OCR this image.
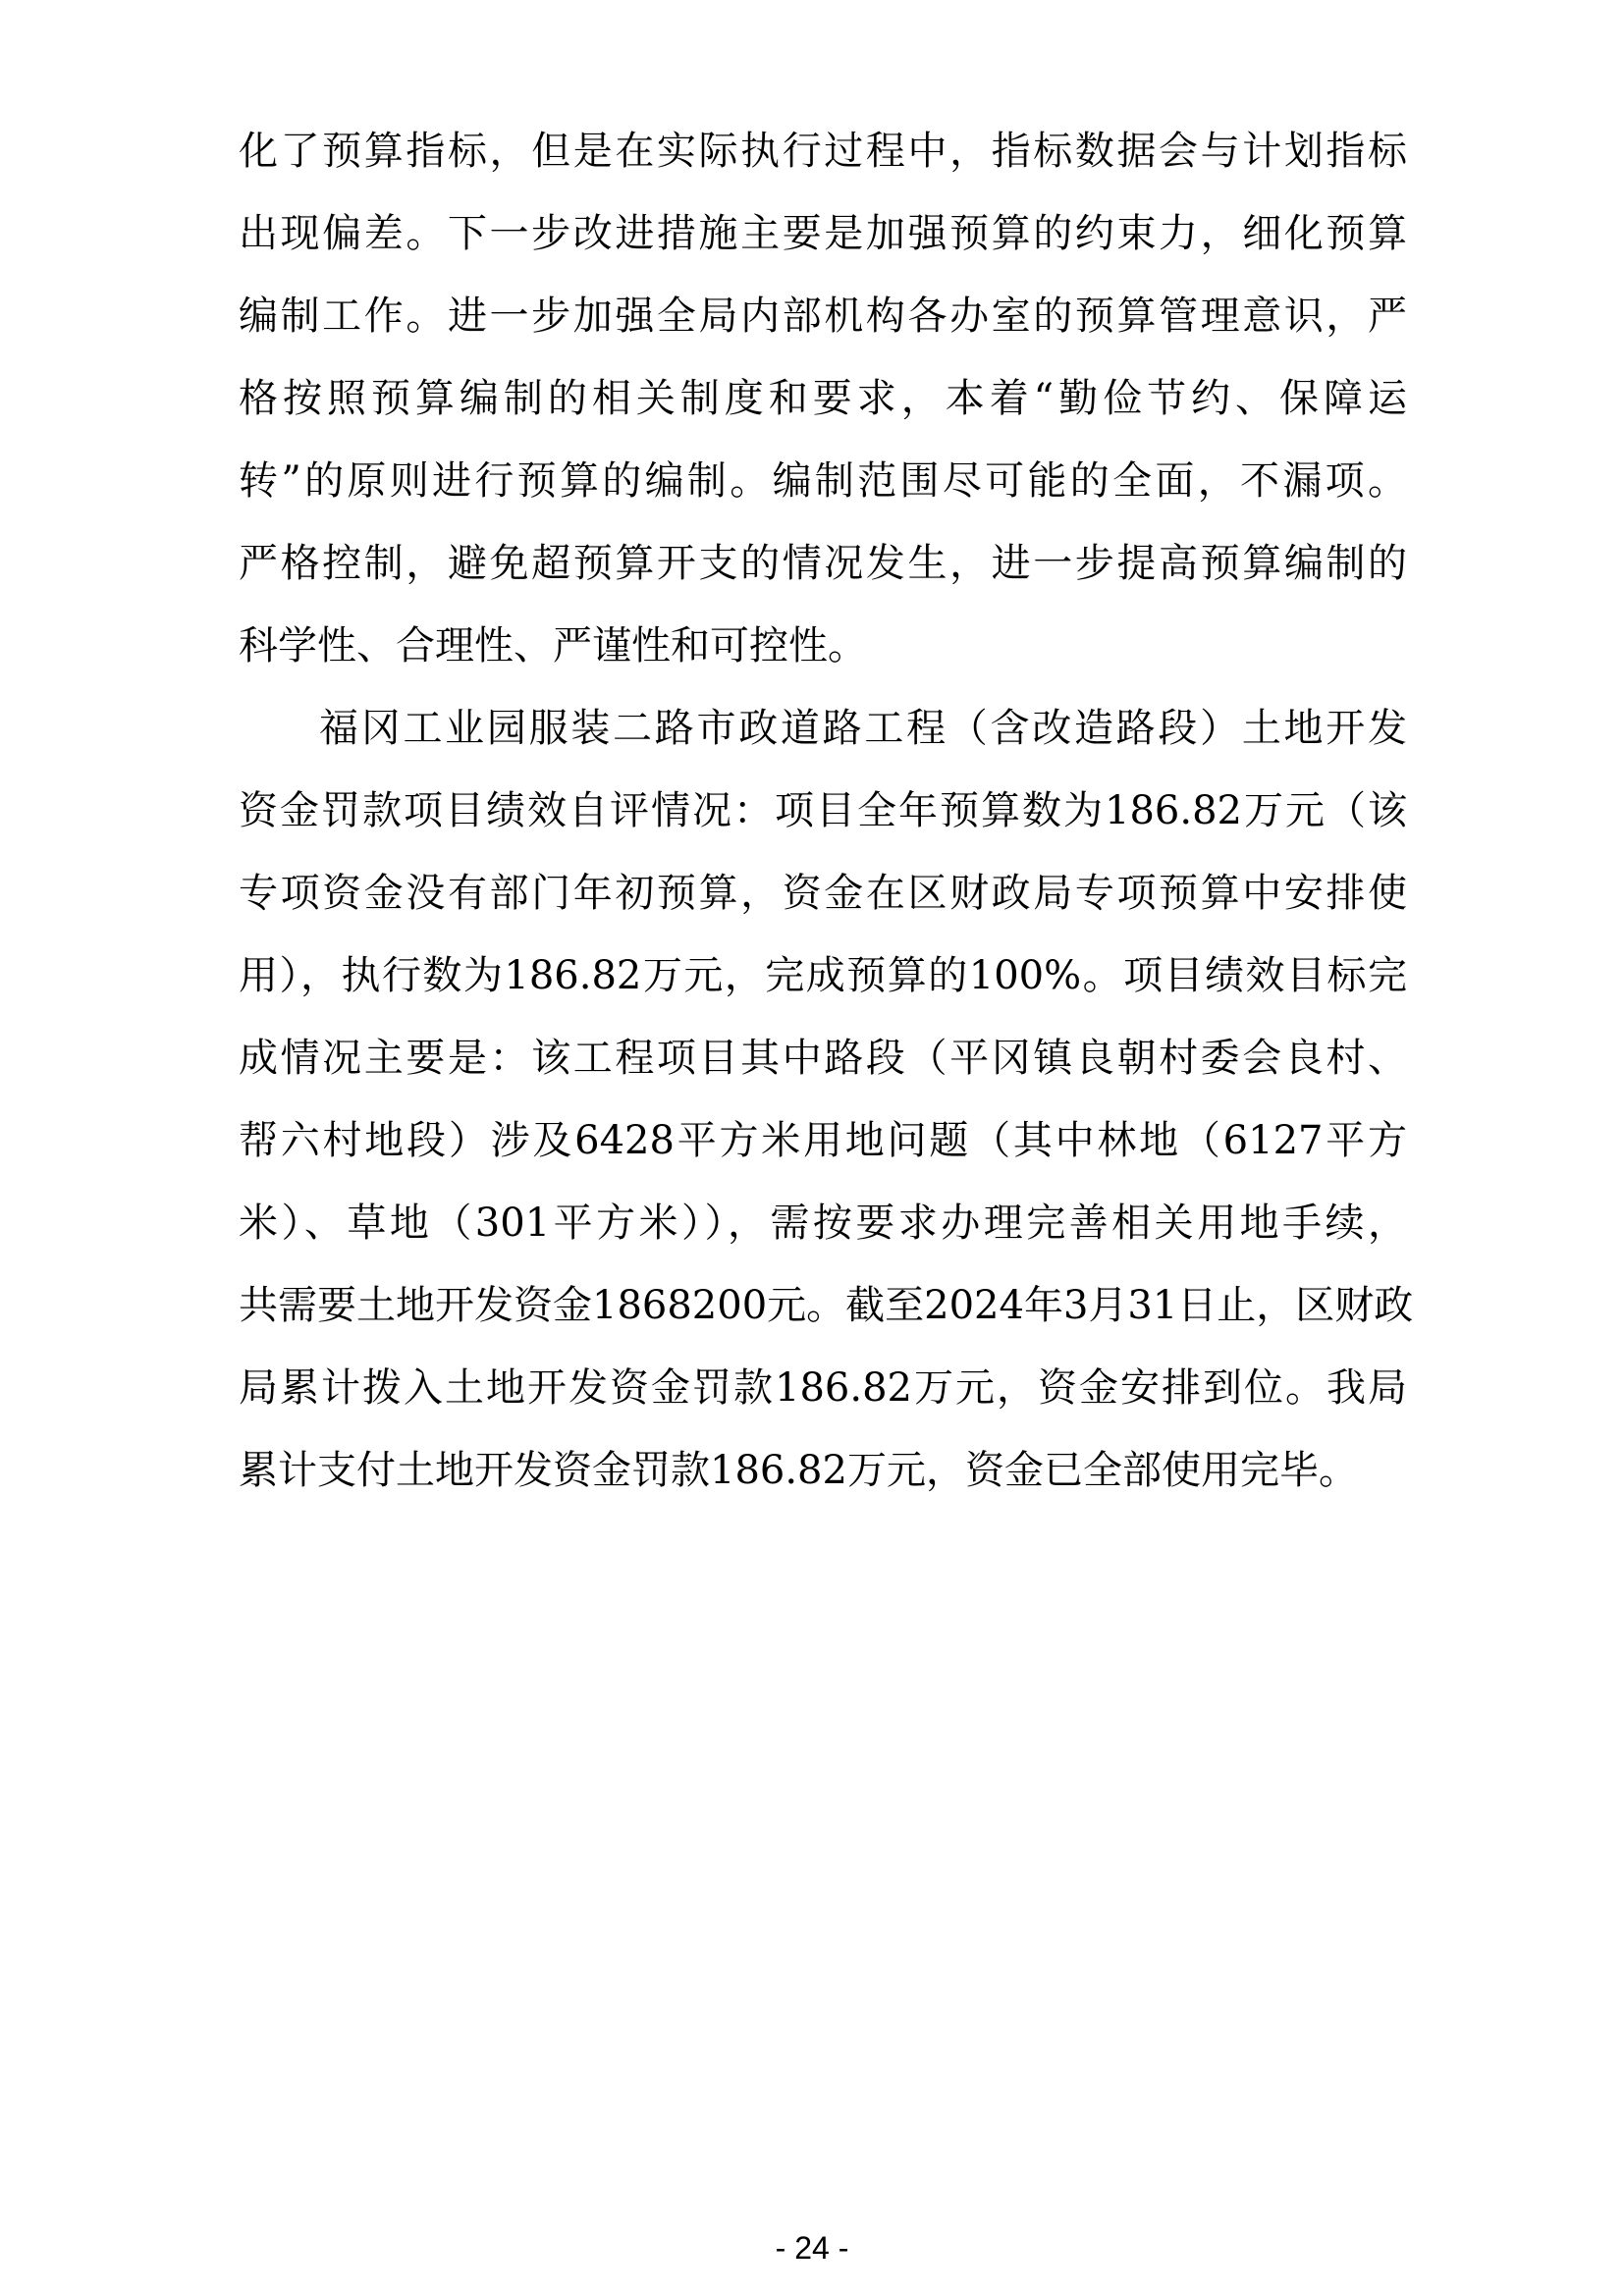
化了预算指标，但是在实际执行过程中，指标数据会与计划指标
出现偏差。下一步改进措施主要是加强预算的约束力，细化预算
编制工作。进一步加强全局内部机构各办室的预算管理意识，严
格按照预算编制的相关制度和要求，本着“勤俭节约、保障运
转”的原则进行预算的编制。编制范围尽可能的全面，不漏项。
严格控制，避免超预算开支的情况发生，进一步提高预算编制的
科学性、合理性、严谨性和可控性。
福冈工业园服装二路市政道路工程（含改造路段）土地开发
资金罚款项目绩效自评情况：项目全年预算数为186.82万元（该
专项资金没有部门年初预算，资金在区财政局专项预算中安排使
用），执行数为186.82万元，完成预算的100%。项目绩效目标完
成情况主要是：该工程项目其中路段（平冈镇良朝村委会良村、
帮六村地段）涉及6428平方米用地问题（其中林地（6127平方
米）、草地（301平方米）），需按要求办理完善相关用地手续，
共需要土地开发资金1868200元。截至2024年3月31日止，区财政
局累计拨入土地开发资金罚款186.82万元，资金安排到位。我局
累计支付土地开发资金罚款186.82万元，资金已全部使用完毕。
- 24 -
